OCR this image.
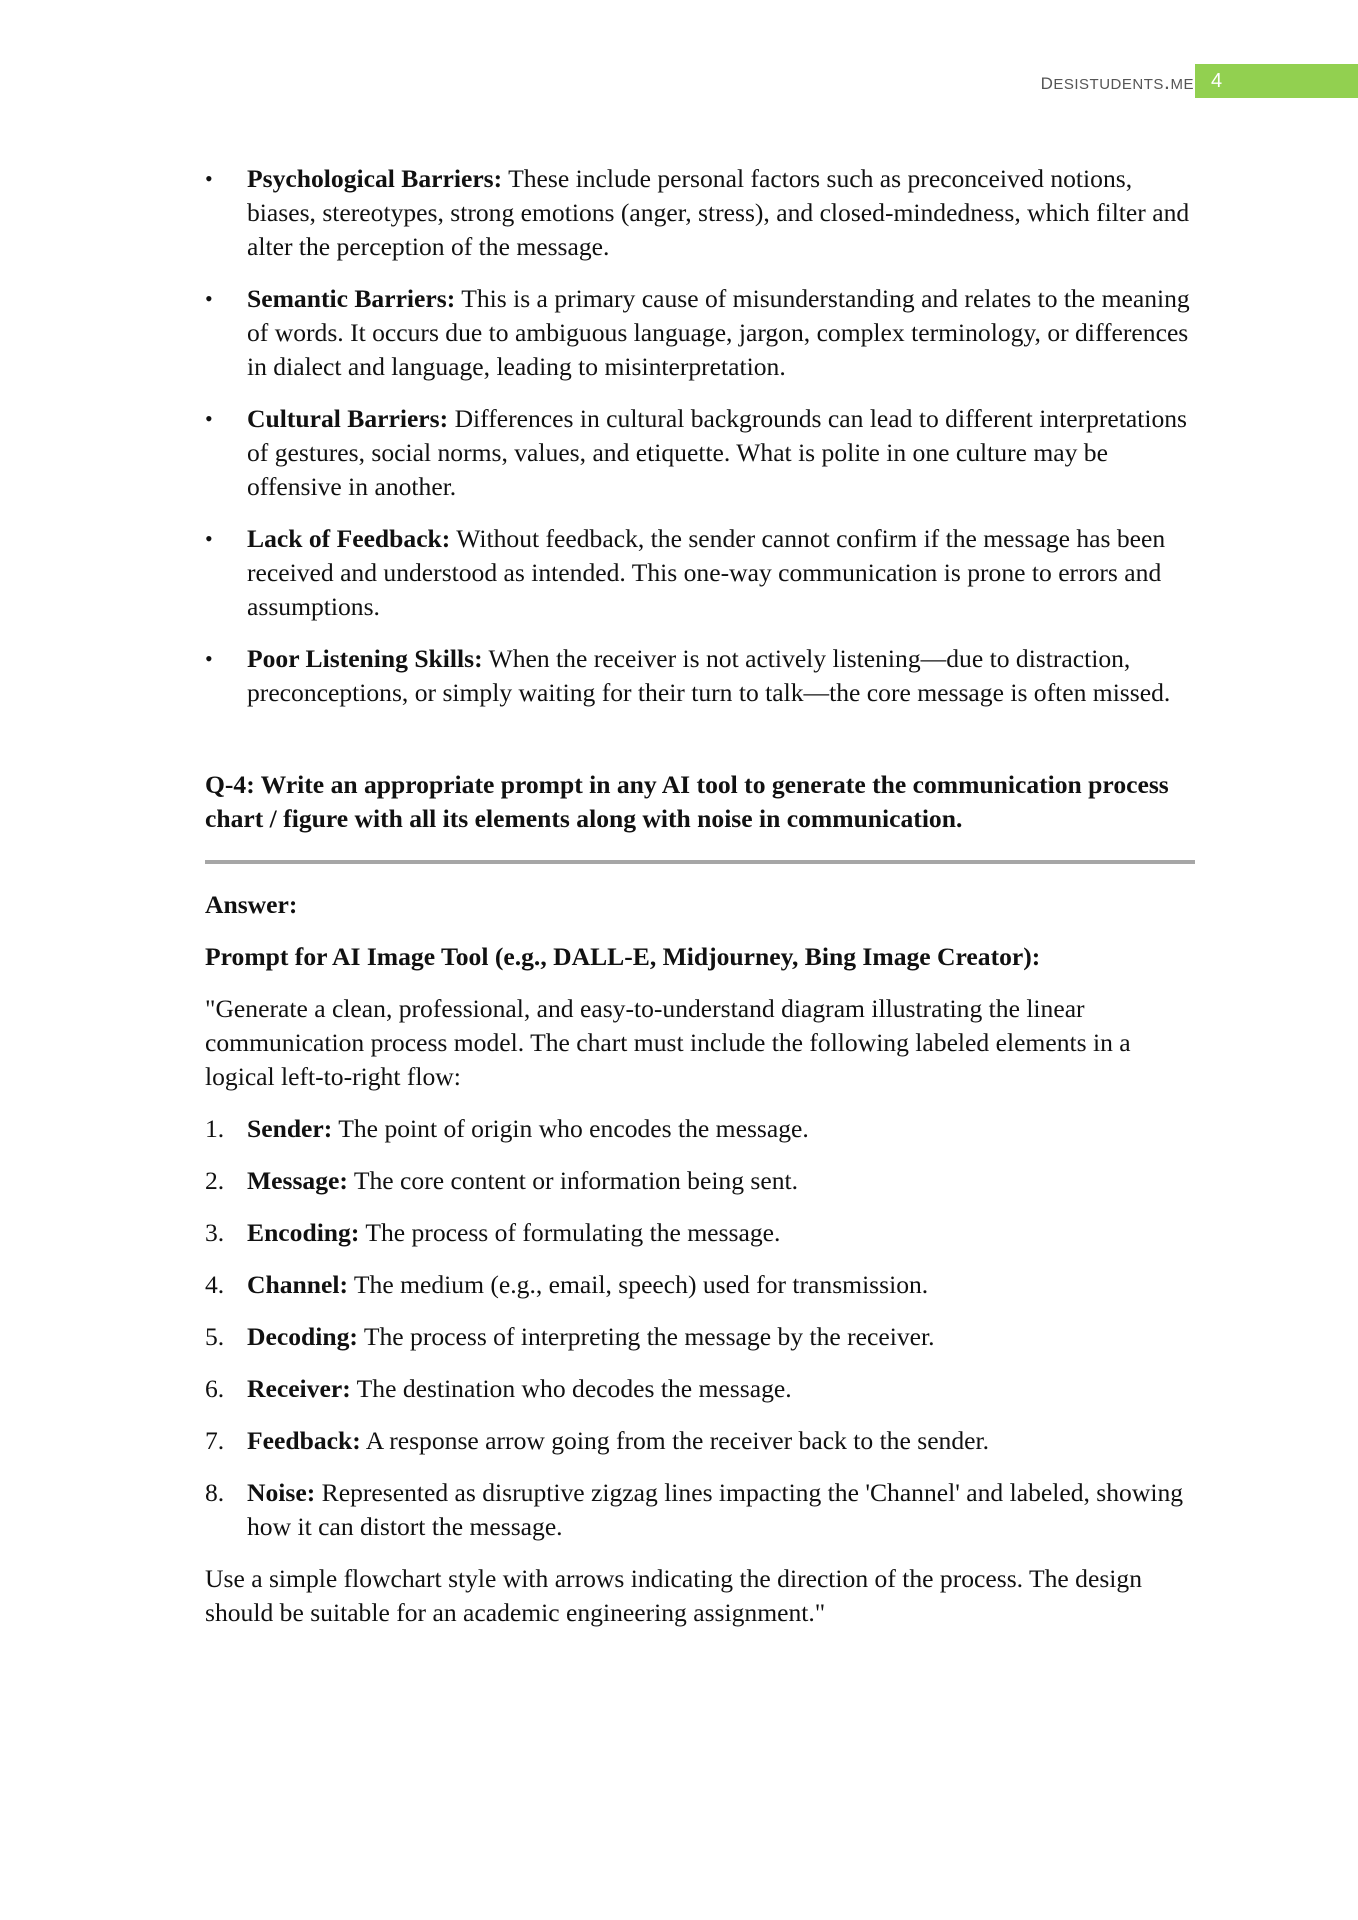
desistudents.me 4
• Psychological Barriers: These include personal factors such as preconceived notions, biases, stereotypes, strong emotions (anger, stress), and closed-mindedness, which filter and alter the perception of the message.
• Semantic Barriers: This is a primary cause of misunderstanding and relates to the meaning of words. It occurs due to ambiguous language, jargon, complex terminology, or differences in dialect and language, leading to misinterpretation.
• Cultural Barriers: Differences in cultural backgrounds can lead to different interpretations of gestures, social norms, values, and etiquette. What is polite in one culture may be offensive in another.
• Lack of Feedback: Without feedback, the sender cannot confirm if the message has been received and understood as intended. This one-way communication is prone to errors and assumptions.
• Poor Listening Skills: When the receiver is not actively listening—due to distraction, preconceptions, or simply waiting for their turn to talk—the core message is often missed.
Q-4: Write an appropriate prompt in any AI tool to generate the communication process chart / figure with all its elements along with noise in communication.
Answer:
Prompt for AI Image Tool (e.g., DALL-E, Midjourney, Bing Image Creator):
"Generate a clean, professional, and easy-to-understand diagram illustrating the linear communication process model. The chart must include the following labeled elements in a logical left-to-right flow:
1. Sender: The point of origin who encodes the message.
2. Message: The core content or information being sent.
3. Encoding: The process of formulating the message.
4. Channel: The medium (e.g., email, speech) used for transmission.
5. Decoding: The process of interpreting the message by the receiver.
6. Receiver: The destination who decodes the message.
7. Feedback: A response arrow going from the receiver back to the sender.
8. Noise: Represented as disruptive zigzag lines impacting the 'Channel' and labeled, showing how it can distort the message.
Use a simple flowchart style with arrows indicating the direction of the process. The design should be suitable for an academic engineering assignment."
